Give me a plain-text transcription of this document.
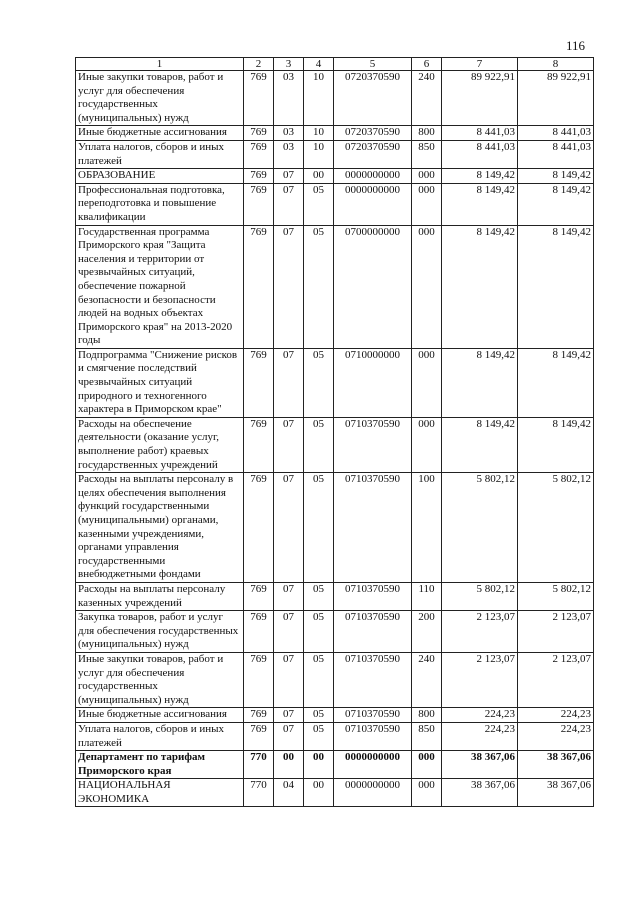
116
1	2	3	4	5	6	7	8
Иные закупки товаров, работ и услуг для обеспечения государственных (муниципальных) нужд	769	03	10	0720370590	240	89 922,91	89 922,91
Иные бюджетные ассигнования	769	03	10	0720370590	800	8 441,03	8 441,03
Уплата налогов, сборов и иных платежей	769	03	10	0720370590	850	8 441,03	8 441,03
ОБРАЗОВАНИЕ	769	07	00	0000000000	000	8 149,42	8 149,42
Профессиональная подготовка, переподготовка и повышение квалификации	769	07	05	0000000000	000	8 149,42	8 149,42
Государственная программа Приморского края "Защита населения и территории от чрезвычайных ситуаций, обеспечение пожарной безопасности и безопасности людей на водных объектах Приморского края" на 2013-2020 годы	769	07	05	0700000000	000	8 149,42	8 149,42
Подпрограмма "Снижение рисков и смягчение последствий чрезвычайных ситуаций природного и техногенного характера в Приморском крае"	769	07	05	0710000000	000	8 149,42	8 149,42
Расходы на обеспечение деятельности (оказание услуг, выполнение работ) краевых государственных учреждений	769	07	05	0710370590	000	8 149,42	8 149,42
Расходы на выплаты персоналу в целях обеспечения выполнения функций государственными (муниципальными) органами, казенными учреждениями, органами управления государственными внебюджетными фондами	769	07	05	0710370590	100	5 802,12	5 802,12
Расходы на выплаты персоналу казенных учреждений	769	07	05	0710370590	110	5 802,12	5 802,12
Закупка товаров, работ и услуг для обеспечения государственных (муниципальных) нужд	769	07	05	0710370590	200	2 123,07	2 123,07
Иные закупки товаров, работ и услуг для обеспечения государственных (муниципальных) нужд	769	07	05	0710370590	240	2 123,07	2 123,07
Иные бюджетные ассигнования	769	07	05	0710370590	800	224,23	224,23
Уплата налогов, сборов и иных платежей	769	07	05	0710370590	850	224,23	224,23
Департамент по тарифам Приморского края	770	00	00	0000000000	000	38 367,06	38 367,06
НАЦИОНАЛЬНАЯ ЭКОНОМИКА	770	04	00	0000000000	000	38 367,06	38 367,06
